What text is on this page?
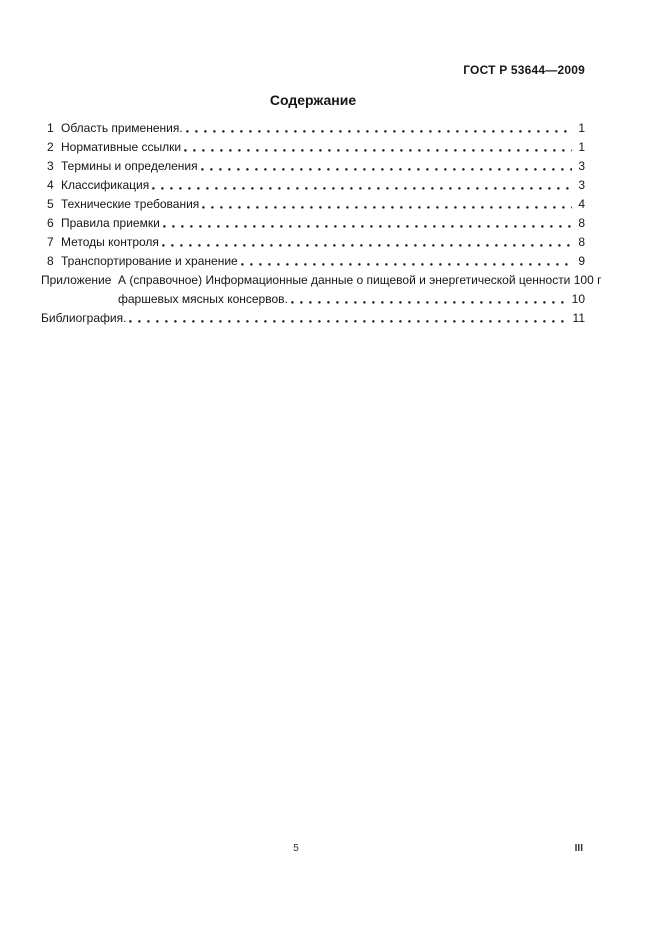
ГОСТ Р 53644—2009
Содержание
1 Область применения.	1
2 Нормативные ссылки	1
3 Термины и определения	3
4 Классификация	3
5 Технические требования	4
6 Правила приемки	8
7 Методы контроля	8
8 Транспортирование и хранение	9
Приложение  А (справочное) Информационные данные о пищевой и энергетической ценности 100 г
фаршевых мясных консервов.	10
Библиография.	11
5	III
